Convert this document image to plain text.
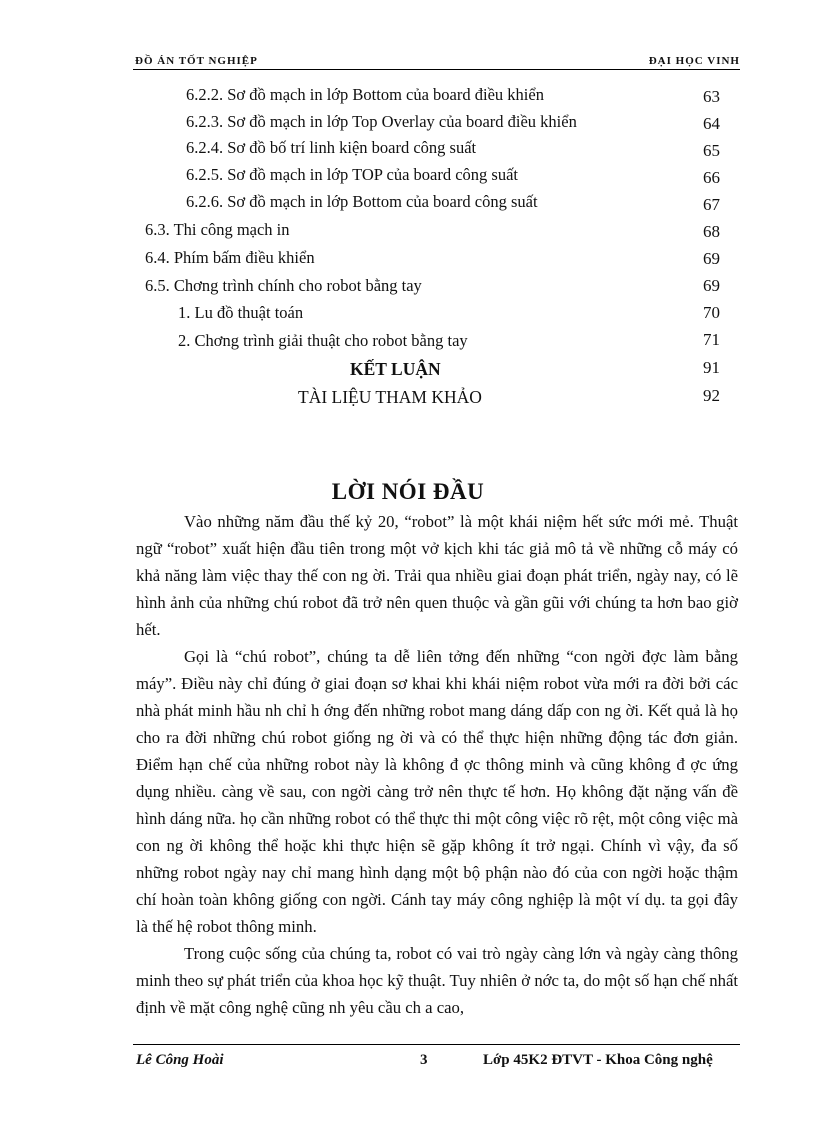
ĐỒ ÁN TỐT NGHIỆP	ĐẠI HỌC VINH
6.2.2. Sơ đồ mạch in lớp Bottom của board điều khiển	63
6.2.3. Sơ đồ mạch in lớp Top Overlay của board điều khiển	64
6.2.4. Sơ đồ bố trí linh kiện board công suất	65
6.2.5. Sơ đồ mạch in lớp TOP của board công suất	66
6.2.6. Sơ đồ mạch in lớp Bottom của board công suất	67
6.3. Thi công mạch in	68
6.4. Phím bấm điều khiển	69
6.5. Chơng trình chính cho robot bằng tay	69
1. Lu đồ thuật toán	70
2. Chơng trình giải thuật cho robot bằng tay	71
KẾT LUẬN	91
TÀI LIỆU THAM KHẢO	92
LỜI NÓI ĐẦU

Vào những năm đầu thế kỷ 20, “robot” là một khái niệm hết sức mới mẻ. Thuật ngữ “robot” xuất hiện đầu tiên trong một vở kịch khi tác giả mô tả về những cỗ máy có khả năng làm việc thay thế con ng ời. Trải qua nhiều giai đoạn phát triển, ngày nay, có lẽ hình ảnh của những chú robot đã trở nên quen thuộc và gần gũi với chúng ta hơn bao giờ hết.

Gọi là “chú robot”, chúng ta dễ liên tởng đến những “con ngời đợc làm bằng máy”. Điều này chỉ đúng ở giai đoạn sơ khai khi khái niệm robot vừa mới ra đời bởi các nhà phát minh hầu nh chỉ h ớng đến những robot mang dáng dấp con ng ời. Kết quả là họ cho ra đời những chú robot giống ng ời và có thể thực hiện những động tác đơn giản. Điểm hạn chế của những robot này là không đ ợc thông minh và cũng không đ ợc ứng dụng nhiều. càng về sau, con ngời càng trở nên thực tế hơn. Họ không đặt nặng vấn đề hình dáng nữa. họ cần những robot có thể thực thi một công việc rõ rệt, một công việc mà con ng ời không thể hoặc khi thực hiện sẽ gặp không ít trở ngại. Chính vì vậy, đa số những robot ngày nay chỉ mang hình dạng một bộ phận nào đó của con ngời hoặc thậm chí hoàn toàn không giống con ngời. Cánh tay máy công nghiệp là một ví dụ. ta gọi đây là thế hệ robot thông minh.

Trong cuộc sống của chúng ta, robot có vai trò ngày càng lớn và ngày càng thông minh theo sự phát triển của khoa học kỹ thuật. Tuy nhiên ở nớc ta, do một số hạn chế nhất định về mặt công nghệ cũng nh yêu cầu ch a cao,

Lê Công Hoài	3	Lớp 45K2 ĐTVT - Khoa Công nghệ
